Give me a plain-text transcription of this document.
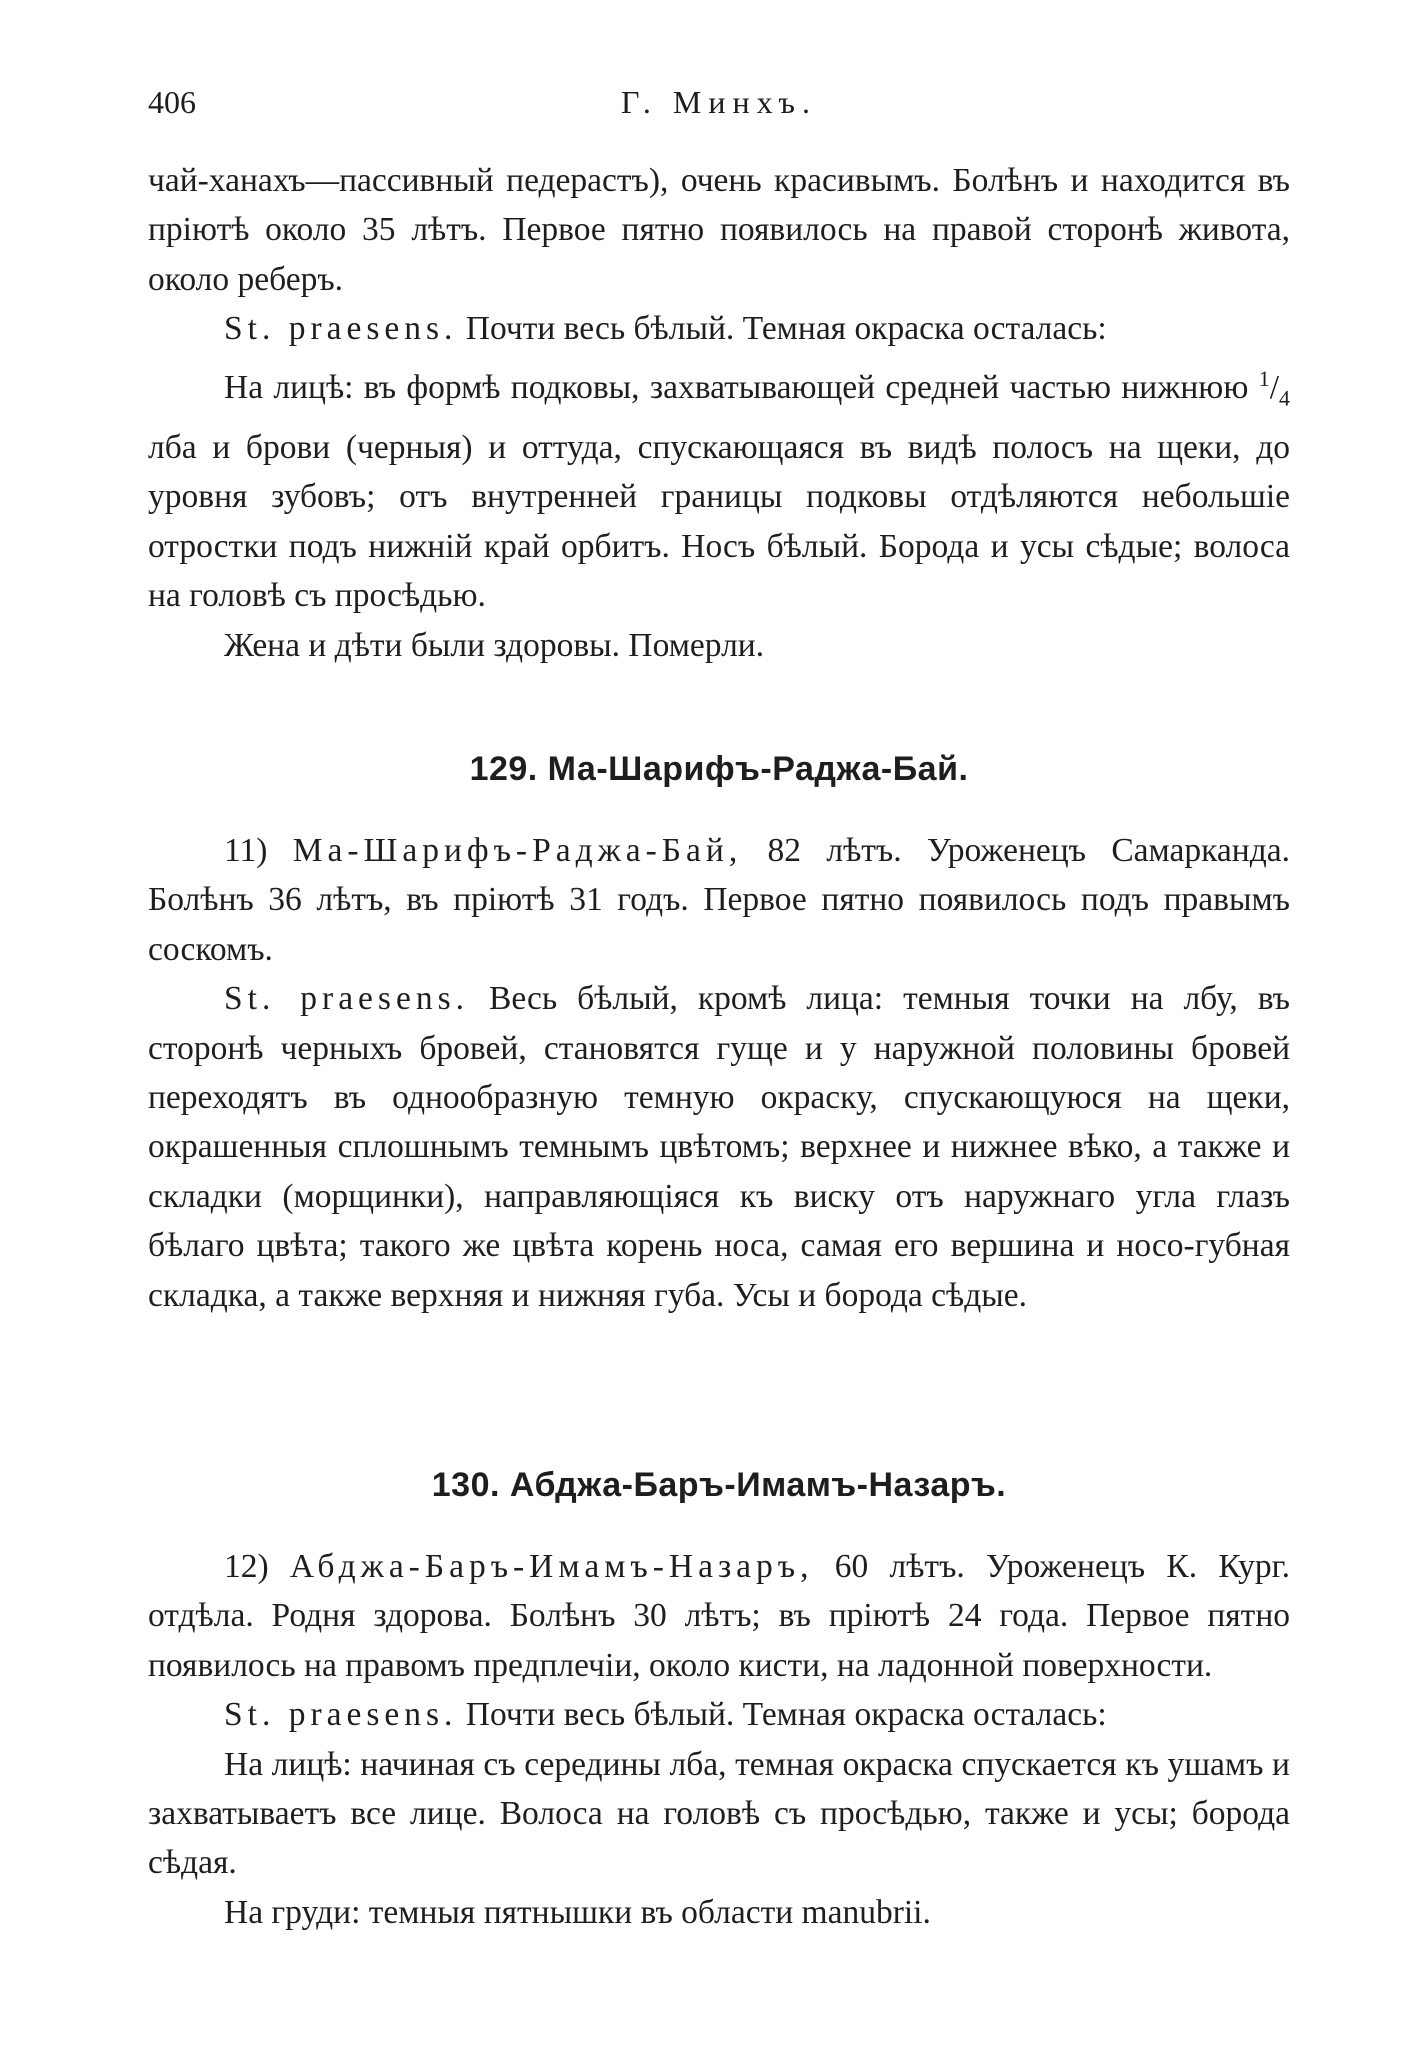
406	Г. Минхъ.

чай-ханахъ—пассивный педерастъ), очень красивымъ. Болѣнъ и находится въ пріютѣ около 35 лѣтъ. Первое пятно появилось на правой сторонѣ живота, около реберъ.

St. praesens. Почти весь бѣлый. Темная окраска осталась:

На лицѣ: въ формѣ подковы, захватывающей средней частью нижнюю $^1/_4$ лба и брови (черныя) и оттуда, спускающаяся въ видѣ полосъ на щеки, до уровня зубовъ; отъ внутренней границы подковы отдѣляются небольшіе отростки подъ нижній край орбитъ. Носъ бѣлый. Борода и усы сѣдые; волоса на головѣ съ просѣдью.

Жена и дѣти были здоровы. Померли.

129. Ма-Шарифъ-Раджа-Бай.

11) Ма-Шарифъ-Раджа-Бай, 82 лѣтъ. Уроженецъ Самарканда. Болѣнъ 36 лѣтъ, въ пріютѣ 31 годъ. Первое пятно появилось подъ правымъ соскомъ.

St. praesens. Весь бѣлый, кромѣ лица: темныя точки на лбу, въ сторонѣ черныхъ бровей, становятся гуще и у наружной половины бровей переходятъ въ однообразную темную окраску, спускающуюся на щеки, окрашенныя сплошнымъ темнымъ цвѣтомъ; верхнее и нижнее вѣко, а также и складки (морщинки), направляющіяся къ виску отъ наружнаго угла глазъ бѣлаго цвѣта; такого же цвѣта корень носа, самая его вершина и носо-губная складка, а также верхняя и нижняя губа. Усы и борода сѣдые.

130. Абджа-Баръ-Имамъ-Назаръ.

12) Абджа-Баръ-Имамъ-Назаръ, 60 лѣтъ. Уроженецъ К. Кург. отдѣла. Родня здорова. Болѣнъ 30 лѣтъ; въ пріютѣ 24 года. Первое пятно появилось на правомъ предплечіи, около кисти, на ладонной поверхности.

St. praesens. Почти весь бѣлый. Темная окраска осталась:

На лицѣ: начиная съ середины лба, темная окраска спускается къ ушамъ и захватываетъ все лице. Волоса на головѣ съ просѣдью, также и усы; борода сѣдая.

На груди: темныя пятнышки въ области manubrii.
